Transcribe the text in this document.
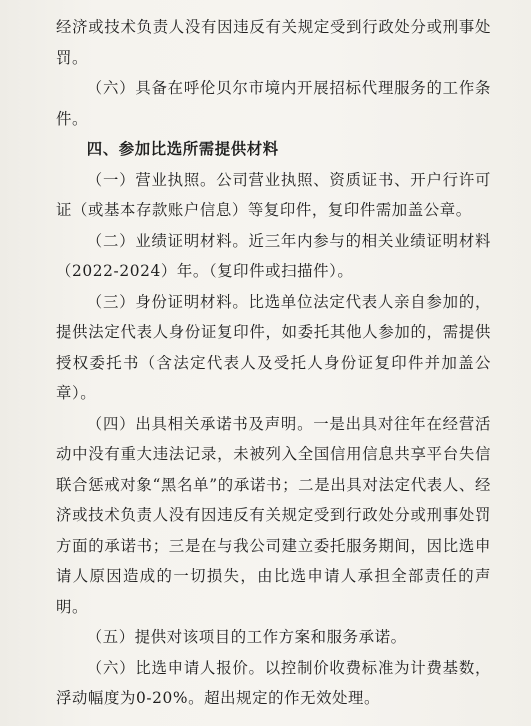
经济或技术负责人没有因违反有关规定受到行政处分或刑事处罚。

（六）具备在呼伦贝尔市境内开展招标代理服务的工作条件。

四、参加比选所需提供材料

（一）营业执照。公司营业执照、资质证书、开户行许可证（或基本存款账户信息）等复印件，复印件需加盖公章。

（二）业绩证明材料。近三年内参与的相关业绩证明材料（2022-2024）年。（复印件或扫描件）。

（三）身份证明材料。比选单位法定代表人亲自参加的，提供法定代表人身份证复印件，如委托其他人参加的，需提供授权委托书（含法定代表人及受托人身份证复印件并加盖公章）。

（四）出具相关承诺书及声明。一是出具对往年在经营活动中没有重大违法记录，未被列入全国信用信息共享平台失信联合惩戒对象“黑名单”的承诺书；二是出具对法定代表人、经济或技术负责人没有因违反有关规定受到行政处分或刑事处罚方面的承诺书；三是在与我公司建立委托服务期间，因比选申请人原因造成的一切损失，由比选申请人承担全部责任的声明。

（五）提供对该项目的工作方案和服务承诺。

（六）比选申请人报价。以控制价收费标准为计费基数，浮动幅度为0-20%。超出规定的作无效处理。
